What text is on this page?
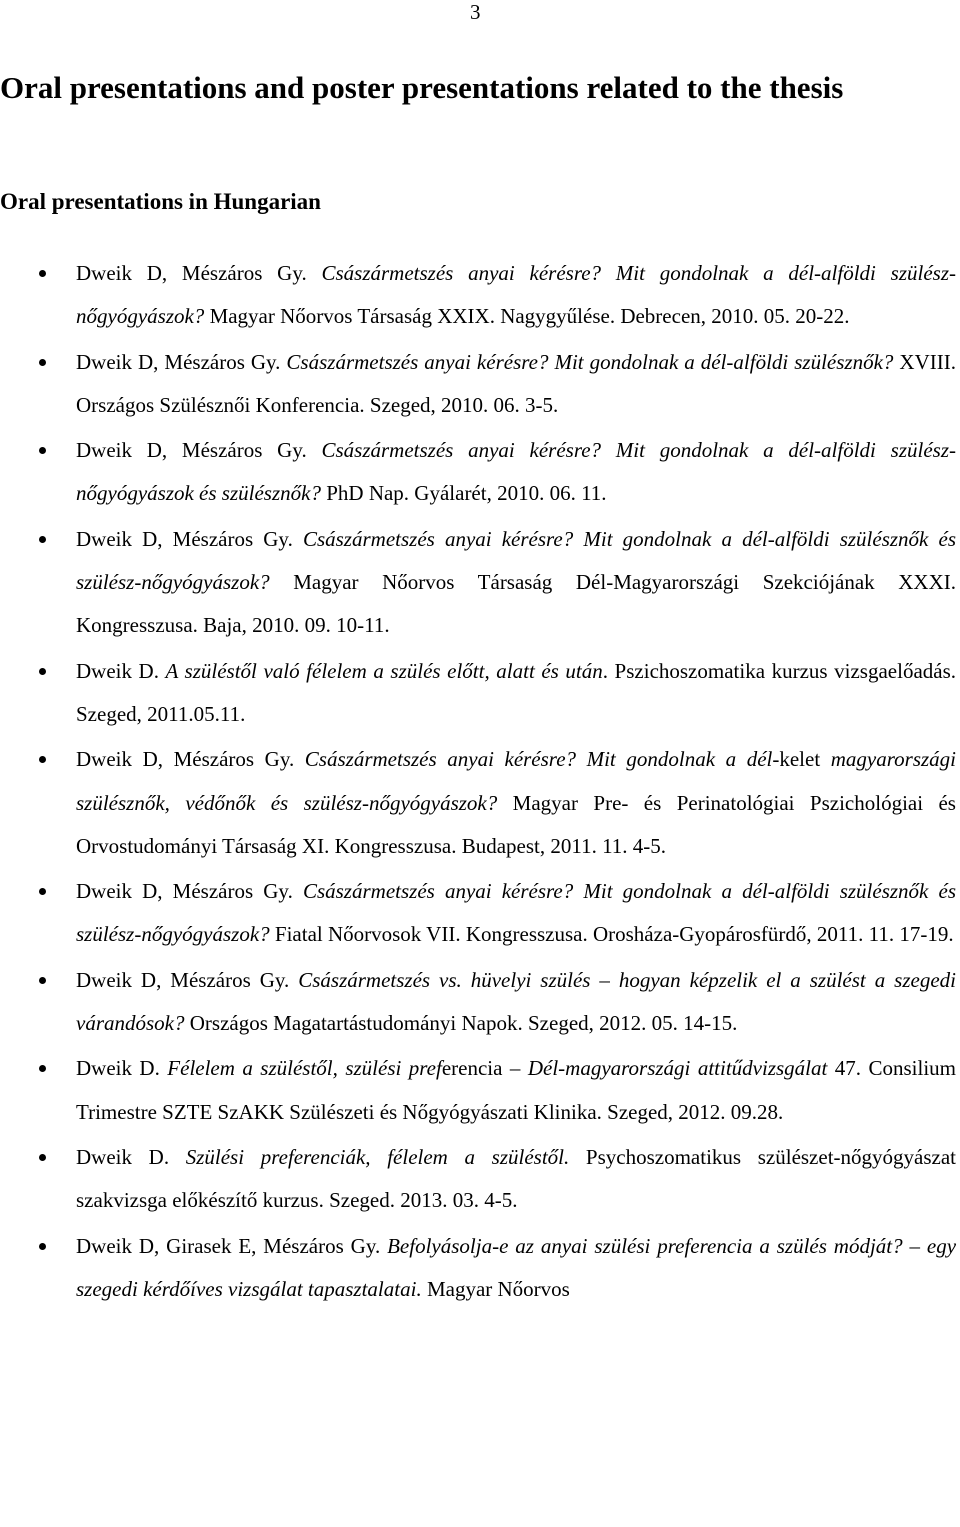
3
Oral presentations and poster presentations related to the thesis
Oral presentations in Hungarian
Dweik D, Mészáros Gy. Császármetszés anyai kérésre? Mit gondolnak a dél-alföldi szülész-nőgyógyászok? Magyar Nőorvos Társaság XXIX. Nagygyűlése. Debrecen, 2010. 05. 20-22.
Dweik D, Mészáros Gy. Császármetszés anyai kérésre? Mit gondolnak a dél-alföldi szülésznők? XVIII. Országos Szülésznői Konferencia. Szeged, 2010. 06. 3-5.
Dweik D, Mészáros Gy. Császármetszés anyai kérésre? Mit gondolnak a dél-alföldi szülész-nőgyógyászok és szülésznők? PhD Nap. Gyálarét, 2010. 06. 11.
Dweik D, Mészáros Gy. Császármetszés anyai kérésre? Mit gondolnak a dél-alföldi szülésznők és szülész-nőgyógyászok? Magyar Nőorvos Társaság Dél-Magyarországi Szekciójának XXXI. Kongresszusa. Baja, 2010. 09. 10-11.
Dweik D. A szüléstől való félelem a szülés előtt, alatt és után. Pszichoszomatika kurzus vizsgaelőadás. Szeged, 2011.05.11.
Dweik D, Mészáros Gy. Császármetszés anyai kérésre? Mit gondolnak a dél-kelet magyarországi szülésznők, védőnők és szülész-nőgyógyászok? Magyar Pre- és Perinatológiai Pszichológiai és Orvostudományi Társaság XI. Kongresszusa. Budapest, 2011. 11. 4-5.
Dweik D, Mészáros Gy. Császármetszés anyai kérésre? Mit gondolnak a dél-alföldi szülésznők és szülész-nőgyógyászok? Fiatal Nőorvosok VII. Kongresszusa. Orosháza-Gyopárosfürdő, 2011. 11. 17-19.
Dweik D, Mészáros Gy. Császármetszés vs. hüvelyi szülés – hogyan képzelik el a szülést a szegedi várandósok? Országos Magatartástudományi Napok. Szeged, 2012. 05. 14-15.
Dweik D. Félelem a szüléstől, szülési preferencia – Dél-magyarországi attitűdvizsgálat 47. Consilium Trimestre SZTE SzAKK Szülészeti és Nőgyógyászati Klinika. Szeged, 2012. 09.28.
Dweik D. Szülési preferenciák, félelem a szüléstől. Psychoszomatikus szülészet-nőgyógyászat szakvizsga előkészítő kurzus. Szeged. 2013. 03. 4-5.
Dweik D, Girasek E, Mészáros Gy. Befolyásolja-e az anyai szülési preferencia a szülés módját? – egy szegedi kérdőíves vizsgálat tapasztalatai. Magyar Nőorvos
